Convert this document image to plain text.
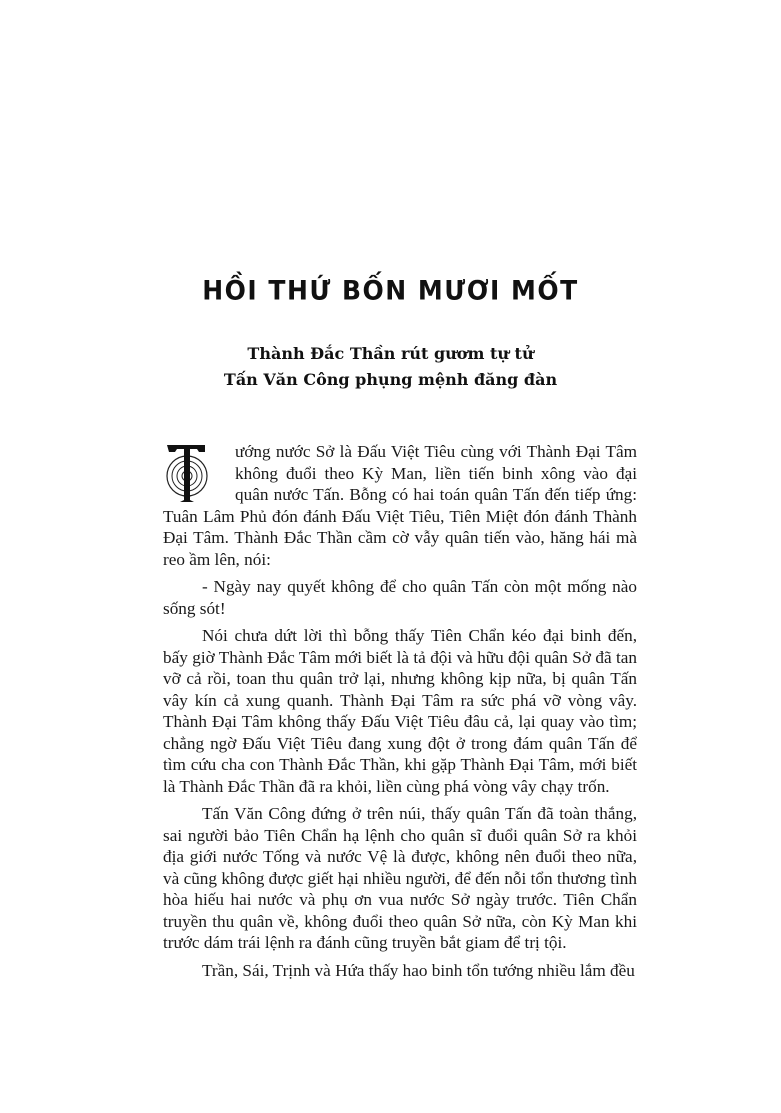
HỒI THỨ BỐN MƯƠI MỐT
Thành Đắc Thần rút gươm tự tử
Tấn Văn Công phụng mệnh đăng đàn

ướng nước Sở là Đấu Việt Tiêu cùng với Thành Đại Tâm không đuổi theo Kỳ Man, liền tiến binh xông vào đại quân nước Tấn. Bỗng có hai toán quân Tấn đến tiếp ứng: Tuân Lâm Phủ đón đánh Đấu Việt Tiêu, Tiên Miệt đón đánh Thành Đại Tâm. Thành Đắc Thần cầm cờ vẫy quân tiến vào, hăng hái mà reo ầm lên, nói:

- Ngày nay quyết không để cho quân Tấn còn một mống nào sống sót!

Nói chưa dứt lời thì bỗng thấy Tiên Chẩn kéo đại binh đến, bấy giờ Thành Đắc Tâm mới biết là tả đội và hữu đội quân Sở đã tan vỡ cả rồi, toan thu quân trở lại, nhưng không kịp nữa, bị quân Tấn vây kín cả xung quanh. Thành Đại Tâm ra sức phá vỡ vòng vây. Thành Đại Tâm không thấy Đấu Việt Tiêu đâu cả, lại quay vào tìm; chẳng ngờ Đấu Việt Tiêu đang xung đột ở trong đám quân Tấn để tìm cứu cha con Thành Đắc Thần, khi gặp Thành Đại Tâm, mới biết là Thành Đắc Thần đã ra khỏi, liền cùng phá vòng vây chạy trốn.

Tấn Văn Công đứng ở trên núi, thấy quân Tấn đã toàn thắng, sai người bảo Tiên Chẩn hạ lệnh cho quân sĩ đuổi quân Sở ra khỏi địa giới nước Tống và nước Vệ là được, không nên đuổi theo nữa, và cũng không được giết hại nhiều người, để đến nỗi tổn thương tình hòa hiếu hai nước và phụ ơn vua nước Sở ngày trước. Tiên Chẩn truyền thu quân về, không đuổi theo quân Sở nữa, còn Kỳ Man khi trước dám trái lệnh ra đánh cũng truyền bắt giam để trị tội.

Trần, Sái, Trịnh và Hứa thấy hao binh tổn tướng nhiều lắm đều
